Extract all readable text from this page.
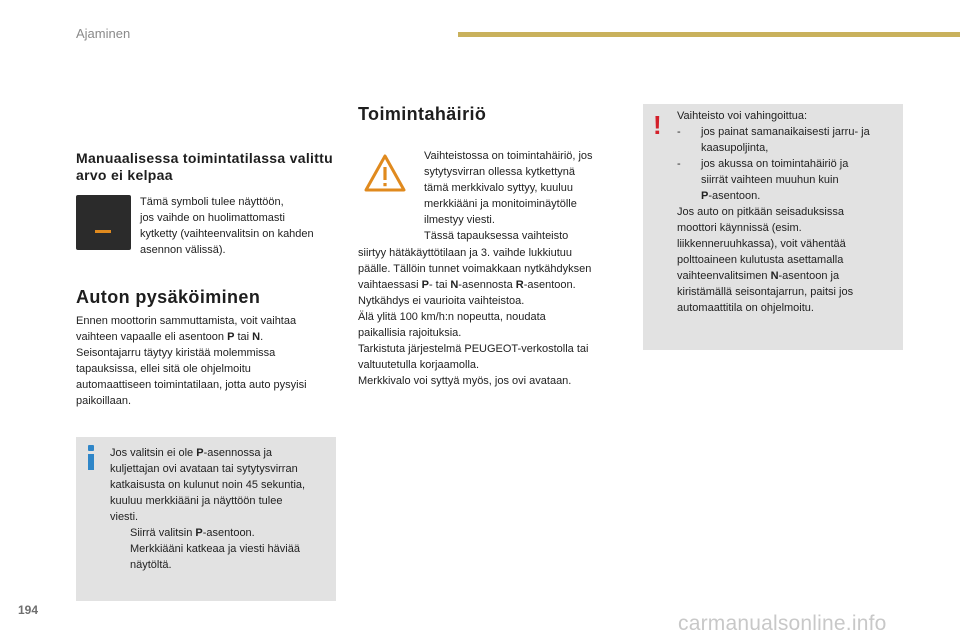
Ajaminen
Manuaalisessa toimintatilassa valittu arvo ei kelpaa
Tämä symboli tulee näyttöön,
jos vaihde on huolimattomasti
kytketty (vaihteenvalitsin on kahden
asennon välissä).
Auton pysäköiminen
Ennen moottorin sammuttamista, voit vaihtaa
vaihteen vapaalle eli asentoon P tai N.
Seisontajarru täytyy kiristää molemmissa
tapauksissa, ellei sitä ole ohjelmoitu
automaattiseen toimintatilaan, jotta auto pysyisi
paikoillaan.
Jos valitsin ei ole P-asennossa ja
kuljettajan ovi avataan tai sytytysvirran
katkaisusta on kulunut noin 45 sekuntia,
kuuluu merkkiääni ja näyttöön tulee
viesti.
Siirrä valitsin P-asentoon.
Merkkiääni katkeaa ja viesti häviää
näytöltä.
Toimintahäiriö
Vaihteistossa on toimintahäiriö, jos
sytytysvirran ollessa kytkettynä
tämä merkkivalo syttyy, kuuluu
merkkiääni ja monitoiminäytölle
ilmestyy viesti.
Tässä tapauksessa vaihteisto
siirtyy hätäkäyttötilaan ja 3. vaihde lukkiutuu
päälle. Tällöin tunnet voimakkaan nytkähdyksen
vaihtaessasi P- tai N-asennosta R-asentoon.
Nytkähdys ei vaurioita vaihteistoa.
Älä ylitä 100 km/h:n nopeutta, noudata
paikallisia rajoituksia.
Tarkistuta järjestelmä PEUGEOT-verkostolla tai
valtuutetulla korjaamolla.
Merkkivalo voi syttyä myös, jos ovi avataan.
! Vaihteisto voi vahingoittua:
-	jos painat samanaikaisesti jarru- ja
kaasupoljinta,
-	jos akussa on toimintahäiriö ja
siirrät vaihteen muuhun kuin
P-asentoon.
Jos auto on pitkään seisaduksissa
moottori käynnissä (esim.
liikkenneruuhkassa), voit vähentää
polttoaineen kulutusta asettamalla
vaihteenvalitsimen N-asentoon ja
kiristämällä seisontajarrun, paitsi jos
automaattitila on ohjelmoitu.
194
carmanualsonline.info
